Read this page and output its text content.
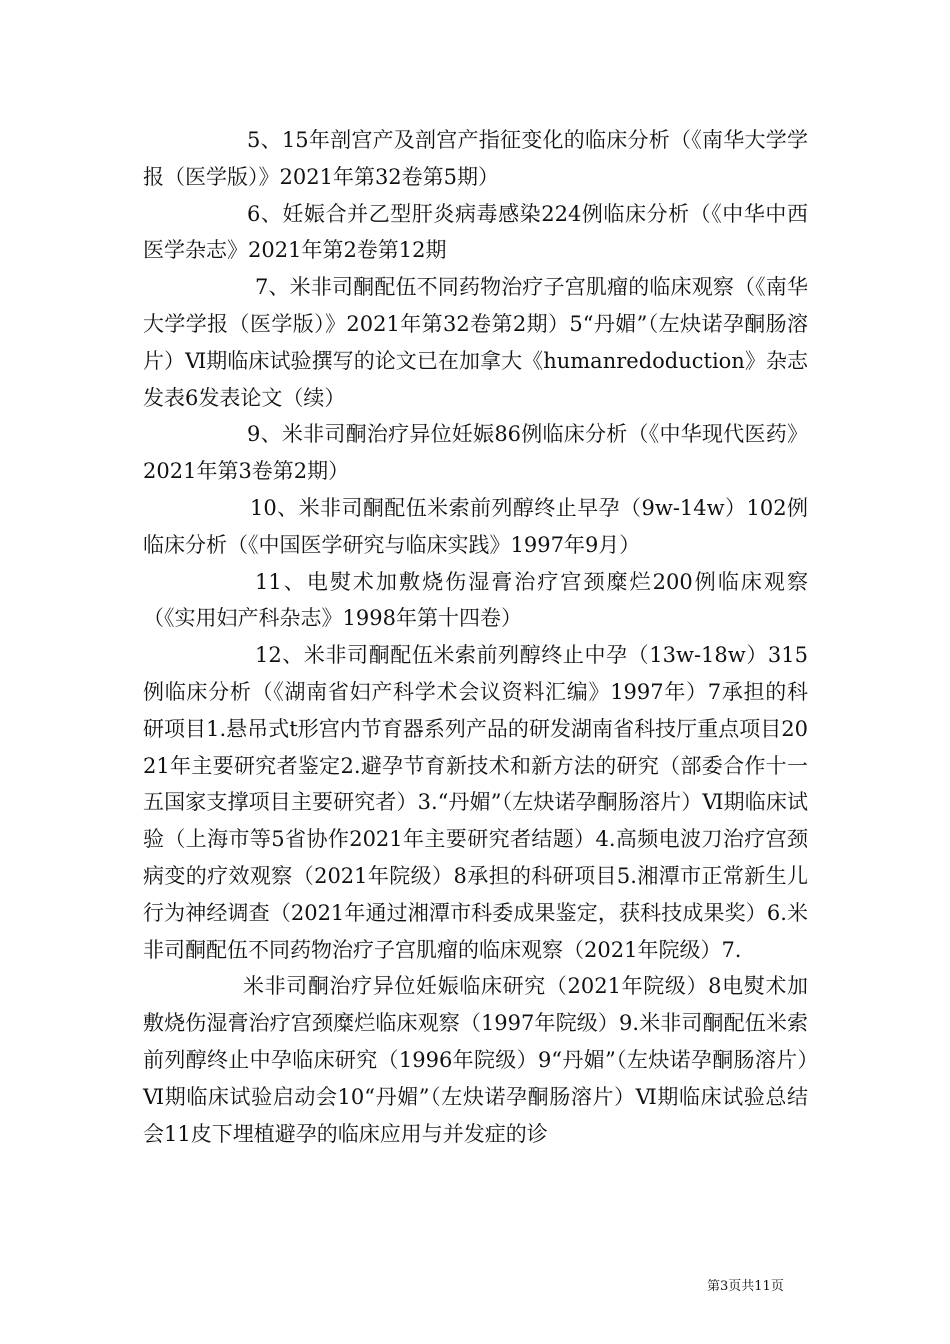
5、15年剖宫产及剖宫产指征变化的临床分析（《南华大学学报（医学版）》2021年第32卷第5期）

6、妊娠合并乙型肝炎病毒感染224例临床分析（《中华中西医学杂志》2021年第2卷第12期

7、米非司酮配伍不同药物治疗子宫肌瘤的临床观察（《南华大学学报（医学版）》2021年第32卷第2期）5“丹媚”（左炔诺孕酮肠溶片）Ⅵ期临床试验撰写的论文已在加拿大《humanredoduction》杂志发表6发表论文（续）

9、米非司酮治疗异位妊娠86例临床分析（《中华现代医药》2021年第3卷第2期）

10、米非司酮配伍米索前列醇终止早孕（9w-14w）102例临床分析（《中国医学研究与临床实践》1997年9月）

11、电熨术加敷烧伤湿膏治疗宫颈糜烂200例临床观察（《实用妇产科杂志》1998年第十四卷）

12、米非司酮配伍米索前列醇终止中孕（13w-18w）315例临床分析（《湖南省妇产科学术会议资料汇编》1997年）7承担的科研项目1.悬吊式t形宫内节育器系列产品的研发湖南省科技厅重点项目2021年主要研究者鉴定2.避孕节育新技术和新方法的研究（部委合作十一五国家支撑项目主要研究者）3.“丹媚”（左炔诺孕酮肠溶片）Ⅵ期临床试验（上海市等5省协作2021年主要研究者结题）4.高频电波刀治疗宫颈病变的疗效观察（2021年院级）8承担的科研项目5.湘潭市正常新生儿行为神经调查（2021年通过湘潭市科委成果鉴定，获科技成果奖）6.米非司酮配伍不同药物治疗子宫肌瘤的临床观察（2021年院级）7.

米非司酮治疗异位妊娠临床研究（2021年院级）8电熨术加敷烧伤湿膏治疗宫颈糜烂临床观察（1997年院级）9.米非司酮配伍米索前列醇终止中孕临床研究（1996年院级）9“丹媚”（左炔诺孕酮肠溶片）Ⅵ期临床试验启动会10“丹媚”（左炔诺孕酮肠溶片）Ⅵ期临床试验总结会11皮下埋植避孕的临床应用与并发症的诊

第3页共11页
